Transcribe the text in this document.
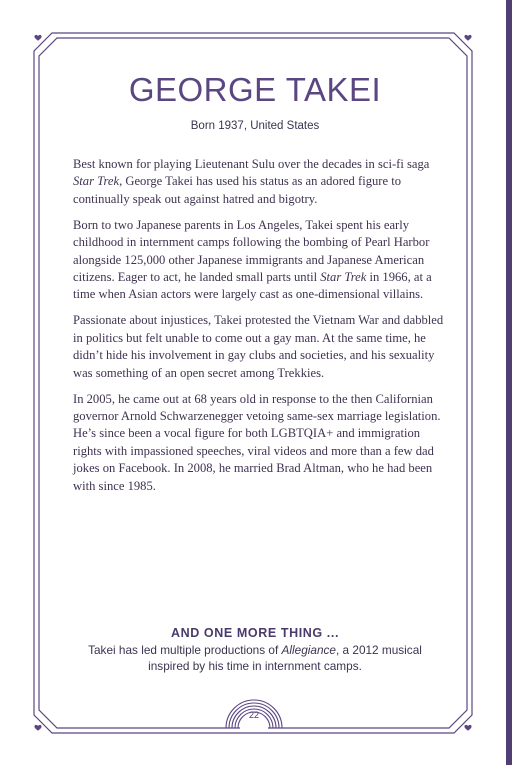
GEORGE TAKEI
Born 1937, United States

Best known for playing Lieutenant Sulu over the decades in sci-fi saga Star Trek, George Takei has used his status as an adored figure to continually speak out against hatred and bigotry.

Born to two Japanese parents in Los Angeles, Takei spent his early childhood in internment camps following the bombing of Pearl Harbor alongside 125,000 other Japanese immigrants and Japanese American citizens. Eager to act, he landed small parts until Star Trek in 1966, at a time when Asian actors were largely cast as one-dimensional villains.

Passionate about injustices, Takei protested the Vietnam War and dabbled in politics but felt unable to come out a gay man. At the same time, he didn’t hide his involvement in gay clubs and societies, and his sexuality was something of an open secret among Trekkies.

In 2005, he came out at 68 years old in response to the then Californian governor Arnold Schwarzenegger vetoing same-sex marriage legislation. He’s since been a vocal figure for both LGBTQIA+ and immigration rights with impassioned speeches, viral videos and more than a few dad jokes on Facebook. In 2008, he married Brad Altman, who he had been with since 1985.

AND ONE MORE THING ...
Takei has led multiple productions of Allegiance, a 2012 musical inspired by his time in internment camps.
22
